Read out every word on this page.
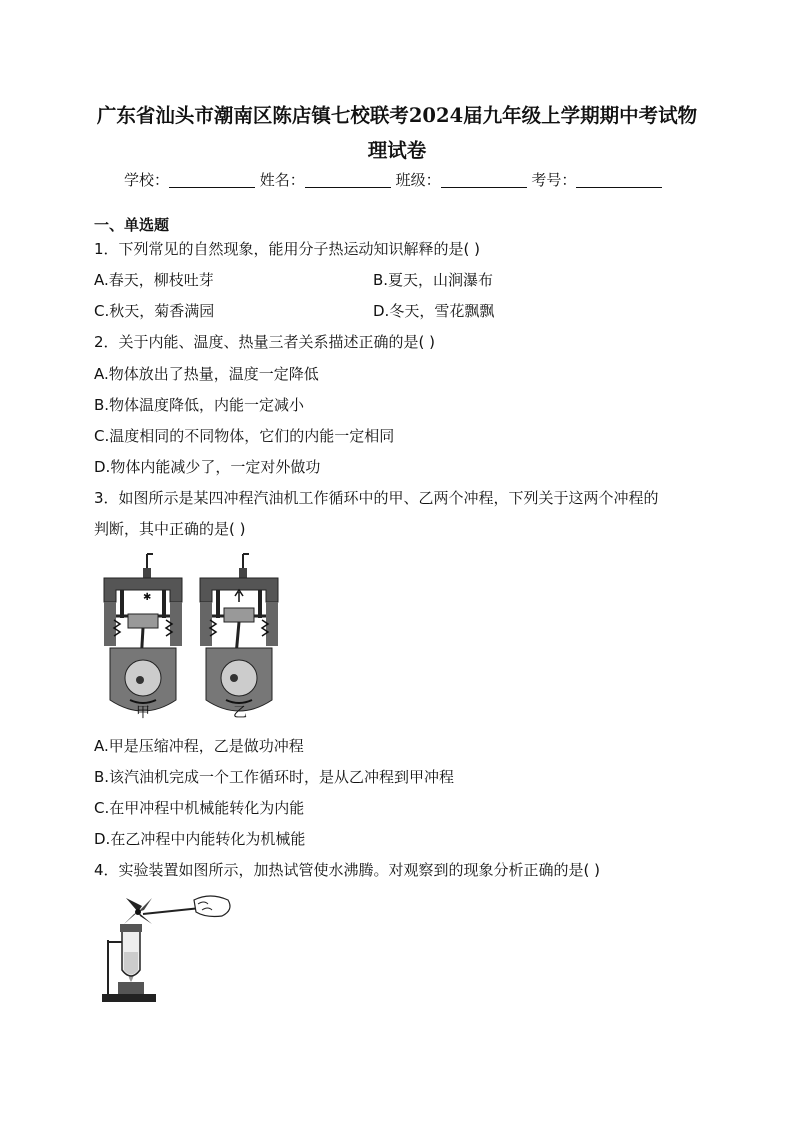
广东省汕头市潮南区陈店镇七校联考2024届九年级上学期期中考试物
理试卷
学校：	姓名：	班级：	考号：
一、单选题
1．下列常见的自然现象，能用分子热运动知识解释的是( )
A.春天，柳枝吐芽	B.夏天，山涧瀑布
C.秋天，菊香满园	D.冬天，雪花飘飘
2．关于内能、温度、热量三者关系描述正确的是( )
A.物体放出了热量，温度一定降低
B.物体温度降低，内能一定减小
C.温度相同的不同物体，它们的内能一定相同
D.物体内能减少了，一定对外做功
3．如图所示是某四冲程汽油机工作循环中的甲、乙两个冲程，下列关于这两个冲程的
判断，其中正确的是( )
✱
甲	乙
A.甲是压缩冲程，乙是做功冲程
B.该汽油机完成一个工作循环时，是从乙冲程到甲冲程
C.在甲冲程中机械能转化为内能
D.在乙冲程中内能转化为机械能
4．实验装置如图所示，加热试管使水沸腾。对观察到的现象分析正确的是( )
